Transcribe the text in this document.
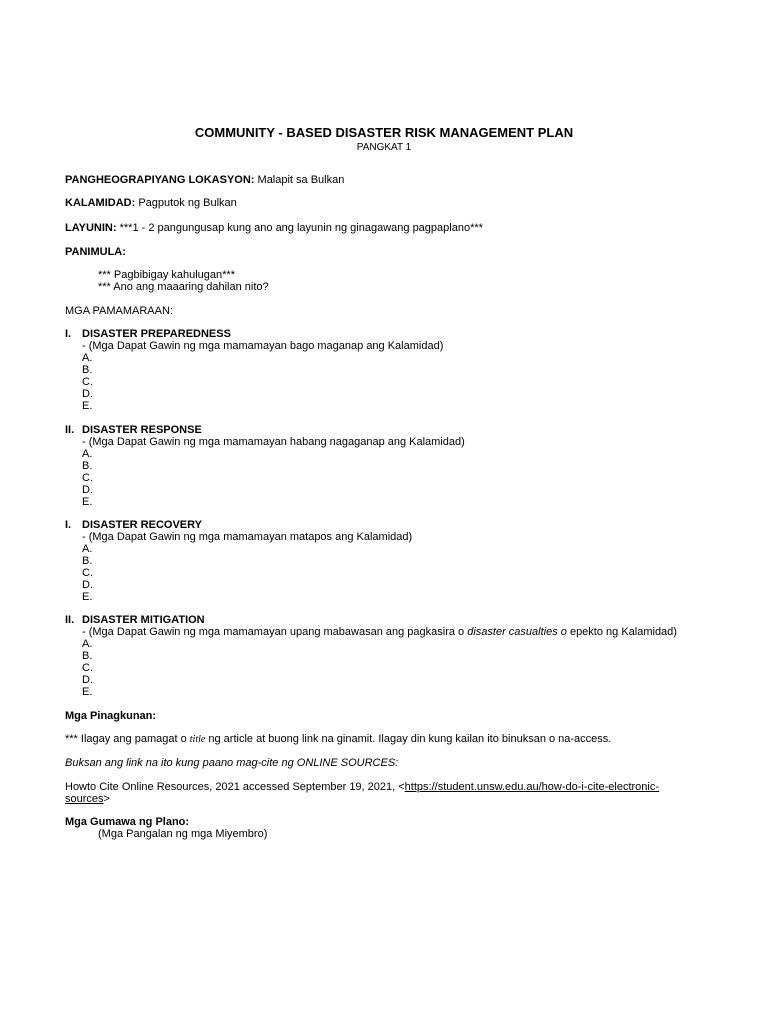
COMMUNITY - BASED DISASTER RISK MANAGEMENT PLAN
PANGKAT 1
PANGHEOGRAPIYANG LOKASYON: Malapit sa Bulkan
KALAMIDAD: Pagputok ng Bulkan
LAYUNIN: ***1 - 2 pangungusap kung ano ang layunin ng ginagawang pagpaplano***
PANIMULA:
*** Pagbibigay kahulugan***
*** Ano ang maaaring dahilan nito?
MGA PAMAMARAAN:
I. DISASTER PREPAREDNESS
- (Mga Dapat Gawin ng mga mamamayan bago maganap ang Kalamidad)
A.
B.
C.
D.
E.
II. DISASTER RESPONSE
- (Mga Dapat Gawin ng mga mamamayan habang nagaganap ang Kalamidad)
A.
B.
C.
D.
E.
I. DISASTER RECOVERY
- (Mga Dapat Gawin ng mga mamamayan matapos ang Kalamidad)
A.
B.
C.
D.
E.
II. DISASTER MITIGATION
- (Mga Dapat Gawin ng mga mamamayan upang mabawasan ang pagkasira o disaster casualties o epekto ng Kalamidad)
A.
B.
C.
D.
E.
Mga Pinagkunan:
*** Ilagay ang pamagat o title ng article at buong link na ginamit. Ilagay din kung kailan ito binuksan o na-access.
Buksan ang link na ito kung paano mag-cite ng ONLINE SOURCES:
Howto Cite Online Resources, 2021 accessed September 19, 2021, <https://student.unsw.edu.au/how-do-i-cite-electronic-
sources>
Mga Gumawa ng Plano:
(Mga Pangalan ng mga Miyembro)
